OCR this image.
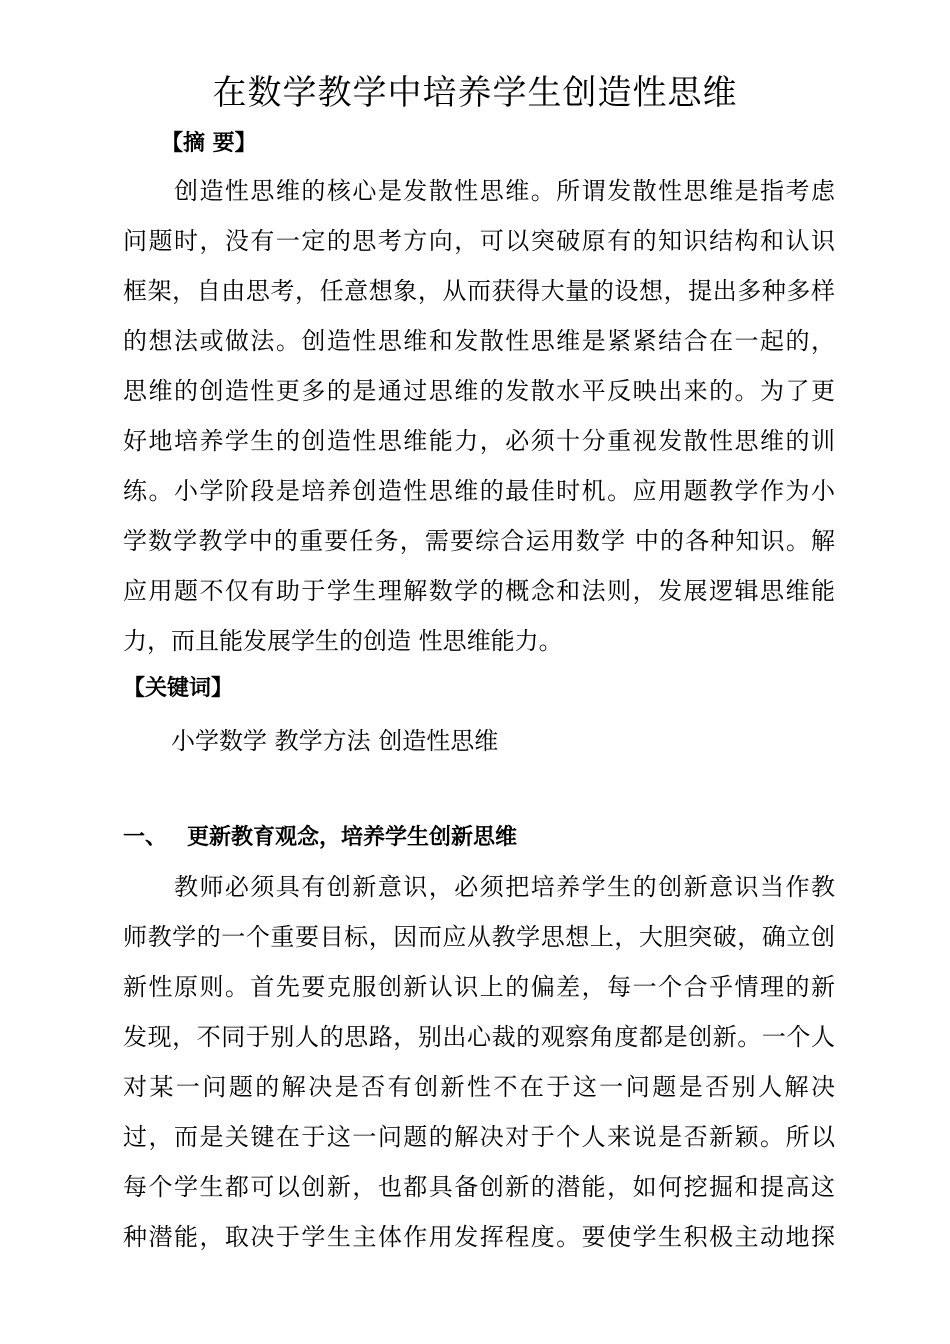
在数学教学中培养学生创造性思维
【摘 要】
　　创造性思维的核心是发散性思维。所谓发散性思维是指考虑
问题时，没有一定的思考方向，可以突破原有的知识结构和认识
框架，自由思考，任意想象，从而获得大量的设想，提出多种多样
的想法或做法。创造性思维和发散性思维是紧紧结合在一起的，
思维的创造性更多的是通过思维的发散水平反映出来的。为了更
好地培养学生的创造性思维能力，必须十分重视发散性思维的训
练。小学阶段是培养创造性思维的最佳时机。应用题教学作为小
学数学教学中的重要任务，需要综合运用数学 中的各种知识。解
应用题不仅有助于学生理解数学的概念和法则，发展逻辑思维能
力，而且能发展学生的创造 性思维能力。
【关键词】
小学数学 教学方法 创造性思维
一、 更新教育观念，培养学生创新思维
　　教师必须具有创新意识，必须把培养学生的创新意识当作教
师教学的一个重要目标，因而应从教学思想上，大胆突破，确立创
新性原则。首先要克服创新认识上的偏差，每一个合乎情理的新
发现，不同于别人的思路，别出心裁的观察角度都是创新。一个人
对某一问题的解决是否有创新性不在于这一问题是否别人解决
过，而是关键在于这一问题的解决对于个人来说是否新颖。所以
每个学生都可以创新，也都具备创新的潜能，如何挖掘和提高这
种潜能，取决于学生主体作用发挥程度。要使学生积极主动地探
